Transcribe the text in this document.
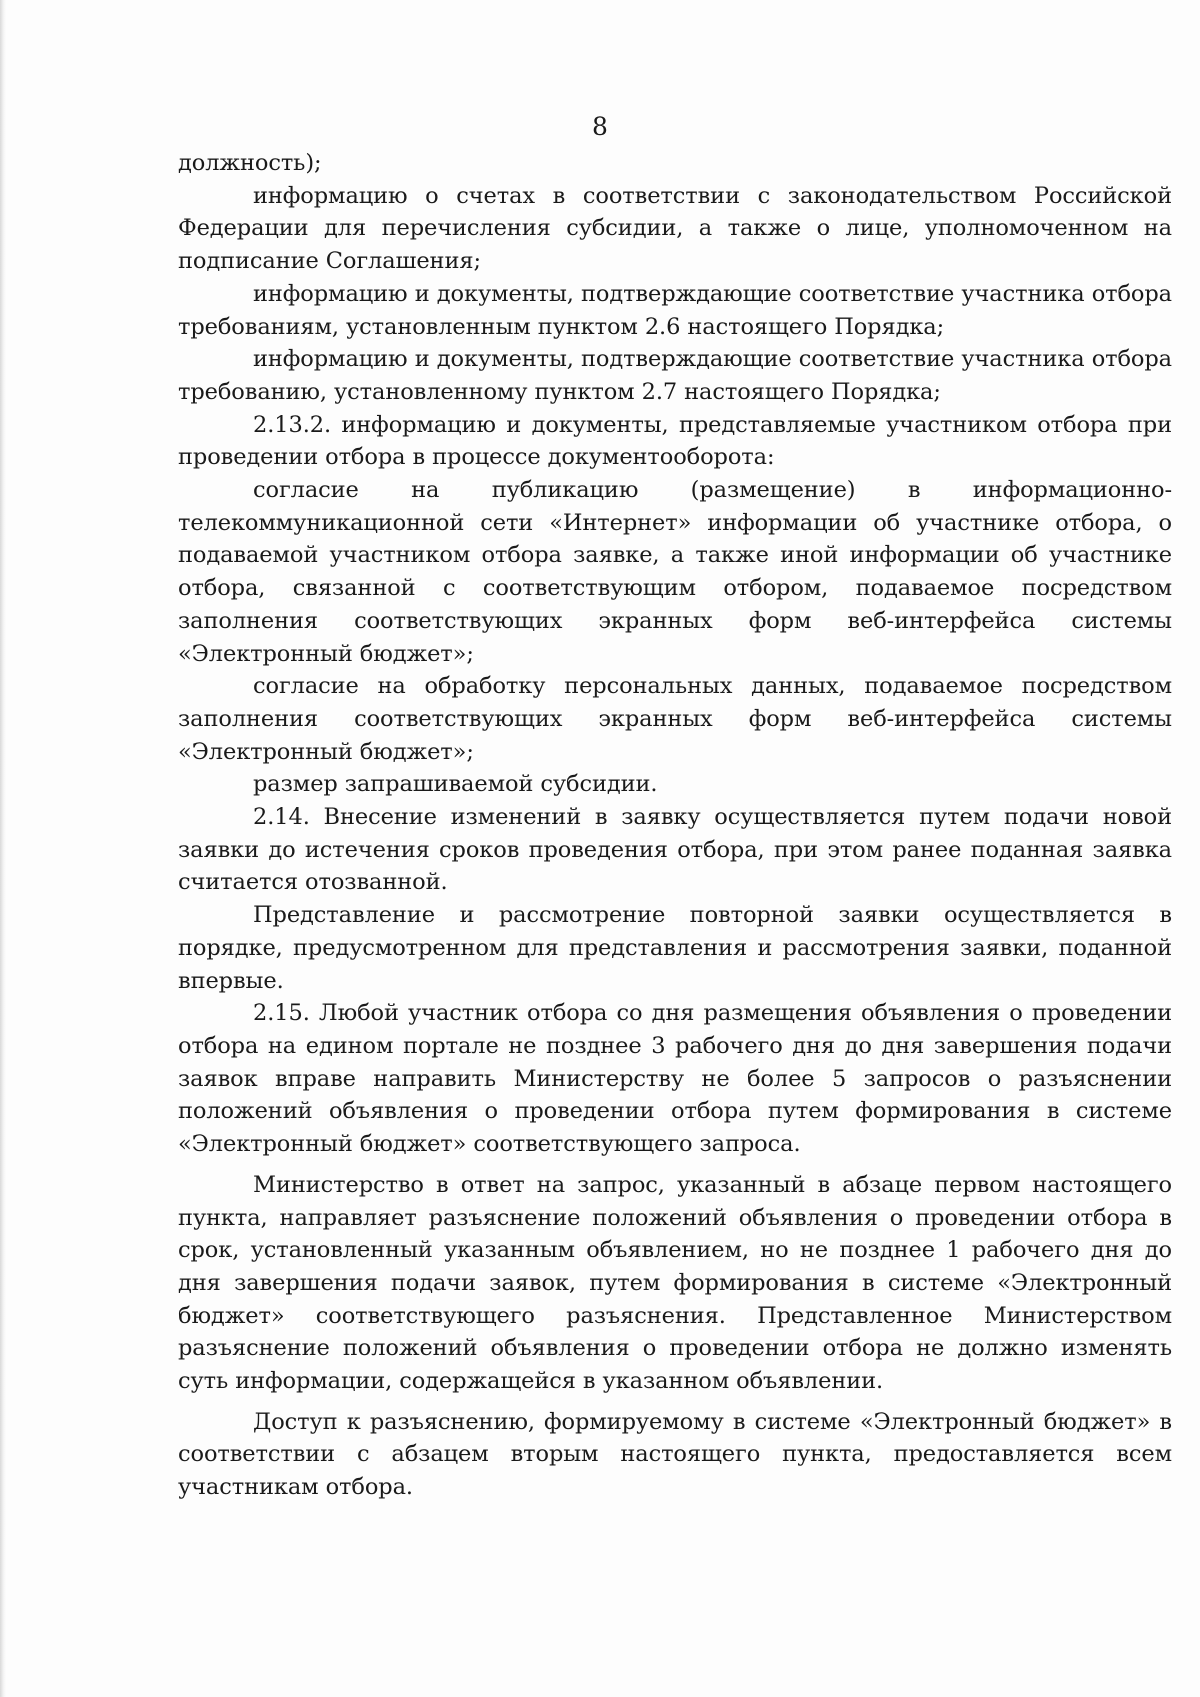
8

должность);

информацию о счетах в соответствии с законодательством Российской Федерации для перечисления субсидии, а также о лице, уполномоченном на подписание Соглашения;

информацию и документы, подтверждающие соответствие участника отбора требованиям, установленным пунктом 2.6 настоящего Порядка;

информацию и документы, подтверждающие соответствие участника отбора требованию, установленному пунктом 2.7 настоящего Порядка;

2.13.2. информацию и документы, представляемые участником отбора при проведении отбора в процессе документооборота:

согласие на публикацию (размещение) в информационно-телекоммуникационной сети «Интернет» информации об участнике отбора, о подаваемой участником отбора заявке, а также иной информации об участнике отбора, связанной с соответствующим отбором, подаваемое посредством заполнения соответствующих экранных форм веб-интерфейса системы «Электронный бюджет»;

согласие на обработку персональных данных, подаваемое посредством заполнения соответствующих экранных форм веб-интерфейса системы «Электронный бюджет»;

размер запрашиваемой субсидии.

2.14. Внесение изменений в заявку осуществляется путем подачи новой заявки до истечения сроков проведения отбора, при этом ранее поданная заявка считается отозванной.

Представление и рассмотрение повторной заявки осуществляется в порядке, предусмотренном для представления и рассмотрения заявки, поданной впервые.

2.15. Любой участник отбора со дня размещения объявления о проведении отбора на едином портале не позднее 3 рабочего дня до дня завершения подачи заявок вправе направить Министерству не более 5 запросов о разъяснении положений объявления о проведении отбора путем формирования в системе «Электронный бюджет» соответствующего запроса.

Министерство в ответ на запрос, указанный в абзаце первом настоящего пункта, направляет разъяснение положений объявления о проведении отбора в срок, установленный указанным объявлением, но не позднее 1 рабочего дня до дня завершения подачи заявок, путем формирования в системе «Электронный бюджет» соответствующего разъяснения. Представленное Министерством разъяснение положений объявления о проведении отбора не должно изменять суть информации, содержащейся в указанном объявлении.

Доступ к разъяснению, формируемому в системе «Электронный бюджет» в соответствии с абзацем вторым настоящего пункта, предоставляется всем участникам отбора.
